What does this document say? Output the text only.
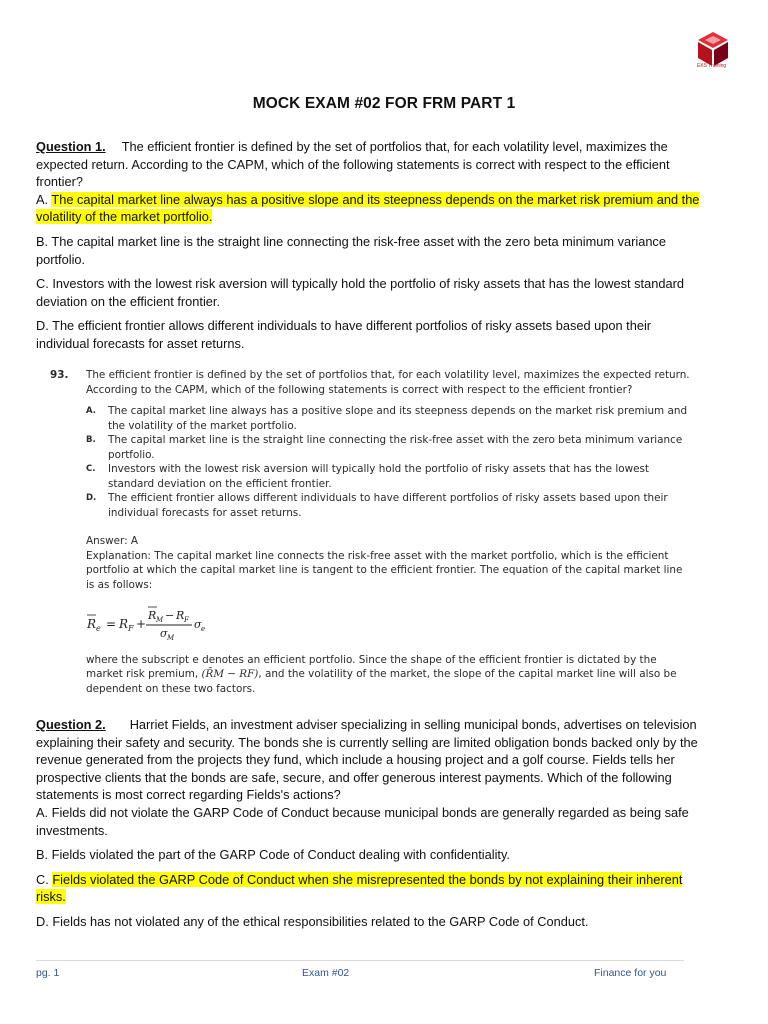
EKS Training
MOCK EXAM #02 FOR FRM PART 1

Question 1. The efficient frontier is defined by the set of portfolios that, for each volatility level, maximizes the expected return. According to the CAPM, which of the following statements is correct with respect to the efficient frontier?

A. The capital market line always has a positive slope and its steepness depends on the market risk premium and the volatility of the market portfolio.

B. The capital market line is the straight line connecting the risk-free asset with the zero beta minimum variance portfolio.

C. Investors with the lowest risk aversion will typically hold the portfolio of risky assets that has the lowest standard deviation on the efficient frontier.

D. The efficient frontier allows different individuals to have different portfolios of risky assets based upon their individual forecasts for asset returns.

93. The efficient frontier is defined by the set of portfolios that, for each volatility level, maximizes the expected return. According to the CAPM, which of the following statements is correct with respect to the efficient frontier?
A. The capital market line always has a positive slope and its steepness depends on the market risk premium and the volatility of the market portfolio.
B. The capital market line is the straight line connecting the risk-free asset with the zero beta minimum variance portfolio.
C. Investors with the lowest risk aversion will typically hold the portfolio of risky assets that has the lowest standard deviation on the efficient frontier.
D. The efficient frontier allows different individuals to have different portfolios of risky assets based upon their individual forecasts for asset returns.
Answer: A
Explanation: The capital market line connects the risk-free asset with the market portfolio, which is the efficient portfolio at which the capital market line is tangent to the efficient frontier. The equation of the capital market line is as follows:
R e = R F +
R M − R F
σ M
σ e
where the subscript e denotes an efficient portfolio. Since the shape of the efficient frontier is dictated by the market risk premium, (R̄M − RF), and the volatility of the market, the slope of the capital market line will also be dependent on these two factors.

Question 2. Harriet Fields, an investment adviser specializing in selling municipal bonds, advertises on television explaining their safety and security. The bonds she is currently selling are limited obligation bonds backed only by the revenue generated from the projects they fund, which include a housing project and a golf course. Fields tells her prospective clients that the bonds are safe, secure, and offer generous interest payments. Which of the following statements is most correct regarding Fields's actions?

A. Fields did not violate the GARP Code of Conduct because municipal bonds are generally regarded as being safe investments.

B. Fields violated the part of the GARP Code of Conduct dealing with confidentiality.

C. Fields violated the GARP Code of Conduct when she misrepresented the bonds by not explaining their inherent risks.

D. Fields has not violated any of the ethical responsibilities related to the GARP Code of Conduct.

pg. 1	Exam #02	Finance for you
